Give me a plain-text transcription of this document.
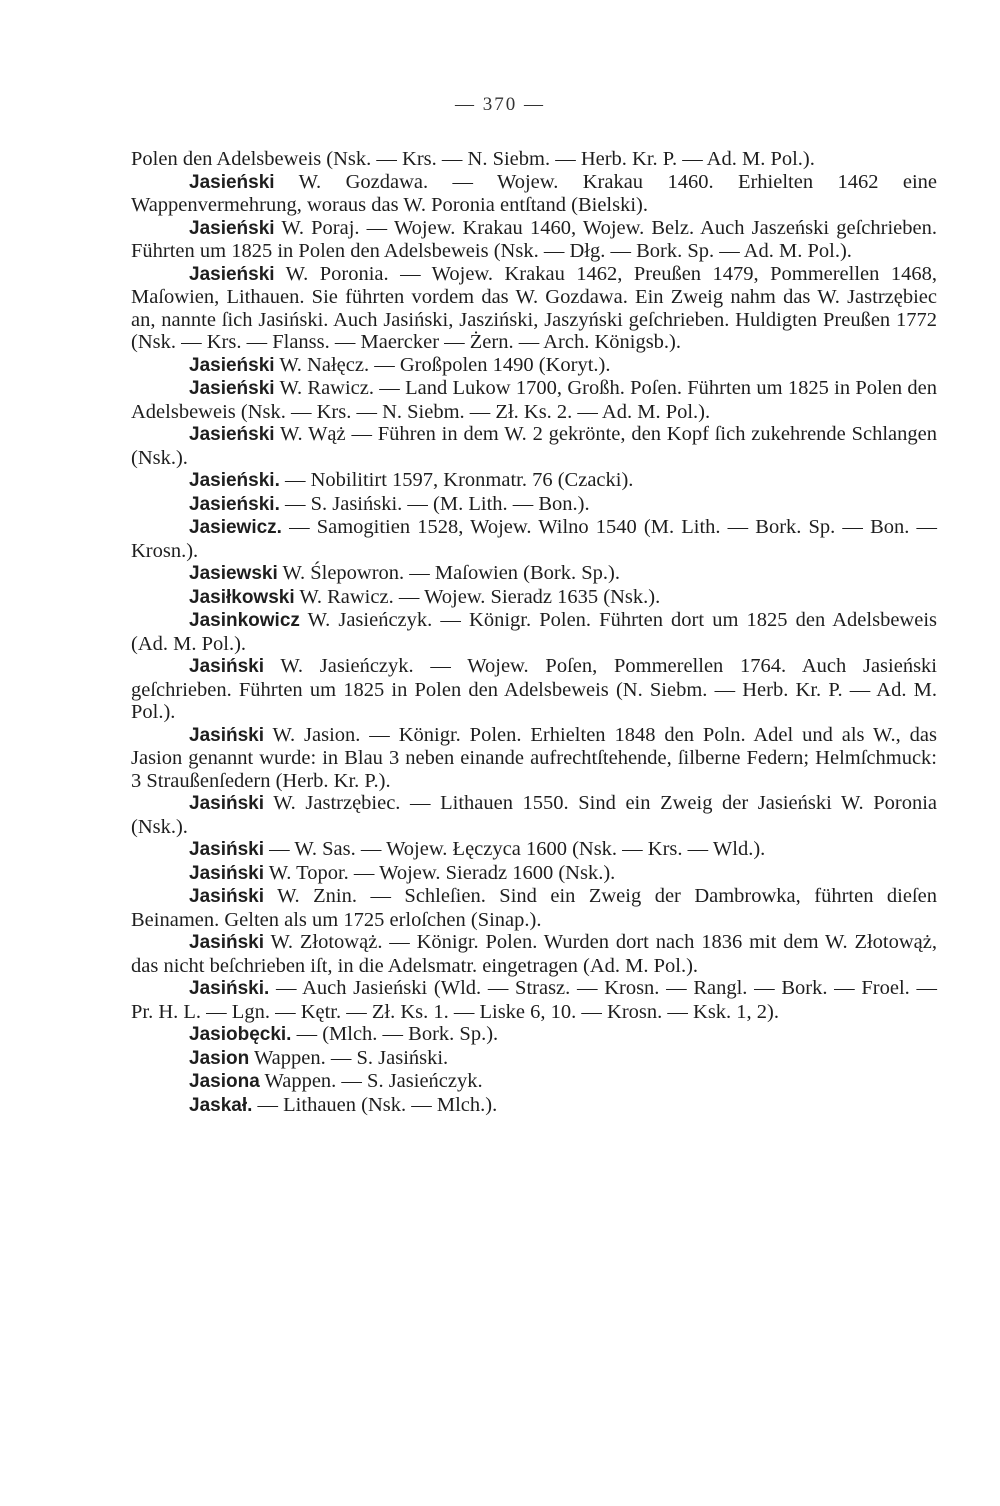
— 370 —

Polen den Adelsbeweis (Nsk. — Krs. — N. Siebm. — Herb. Kr. P. — Ad. M. Pol.).

Jasieński W. Gozdawa. — Wojew. Krakau 1460. Erhielten 1462 eine Wappenvermehrung, woraus das W. Poronia entſtand (Bielski).

Jasieński W. Poraj. — Wojew. Krakau 1460, Wojew. Belz. Auch Jaszeński geſchrieben. Führten um 1825 in Polen den Adelsbeweis (Nsk. — Dłg. — Bork. Sp. — Ad. M. Pol.).

Jasieński W. Poronia. — Wojew. Krakau 1462, Preußen 1479, Pommerellen 1468, Maſowien, Lithauen. Sie führten vordem das W. Gozdawa. Ein Zweig nahm das W. Jastrzębiec an, nannte ſich Jasiński. Auch Jasiński, Jasziński, Jaszyński geſchrieben. Huldigten Preußen 1772 (Nsk. — Krs. — Flanss. — Maercker — Żern. — Arch. Königsb.).

Jasieński W. Nałęcz. — Großpolen 1490 (Koryt.).

Jasieński W. Rawicz. — Land Lukow 1700, Großh. Poſen. Führten um 1825 in Polen den Adelsbeweis (Nsk. — Krs. — N. Siebm. — Zł. Ks. 2. — Ad. M. Pol.).

Jasieński W. Wąż — Führen in dem W. 2 gekrönte, den Kopf ſich zukehrende Schlangen (Nsk.).

Jasieński. — Nobilitirt 1597, Kronmatr. 76 (Czacki).

Jasieński. — S. Jasiński. — (M. Lith. — Bon.).

Jasiewicz. — Samogitien 1528, Wojew. Wilno 1540 (M. Lith. — Bork. Sp. — Bon. — Krosn.).

Jasiewski W. Ślepowron. — Maſowien (Bork. Sp.).

Jasiłkowski W. Rawicz. — Wojew. Sieradz 1635 (Nsk.).

Jasinkowicz W. Jasieńczyk. — Königr. Polen. Führten dort um 1825 den Adelsbeweis (Ad. M. Pol.).

Jasiński W. Jasieńczyk. — Wojew. Poſen, Pommerellen 1764. Auch Jasieński geſchrieben. Führten um 1825 in Polen den Adelsbeweis (N. Siebm. — Herb. Kr. P. — Ad. M. Pol.).

Jasiński W. Jasion. — Königr. Polen. Erhielten 1848 den Poln. Adel und als W., das Jasion genannt wurde: in Blau 3 neben einande aufrechtſtehende, ſilberne Federn; Helmſchmuck: 3 Straußenſedern (Herb. Kr. P.).

Jasiński W. Jastrzębiec. — Lithauen 1550. Sind ein Zweig der Jasieński W. Poronia (Nsk.).

Jasiński — W. Sas. — Wojew. Łęczyca 1600 (Nsk. — Krs. — Wld.).

Jasiński W. Topor. — Wojew. Sieradz 1600 (Nsk.).

Jasiński W. Znin. — Schleſien. Sind ein Zweig der Dambrowka, führten dieſen Beinamen. Gelten als um 1725 erloſchen (Sinap.).

Jasiński W. Złotowąż. — Königr. Polen. Wurden dort nach 1836 mit dem W. Złotowąż, das nicht beſchrieben iſt, in die Adelsmatr. eingetragen (Ad. M. Pol.).

Jasiński. — Auch Jasieński (Wld. — Strasz. — Krosn. — Rangl. — Bork. — Froel. — Pr. H. L. — Lgn. — Kętr. — Zł. Ks. 1. — Liske 6, 10. — Krosn. — Ksk. 1, 2).

Jasiobęcki. — (Mlch. — Bork. Sp.).

Jasion Wappen. — S. Jasiński.

Jasiona Wappen. — S. Jasieńczyk.

Jaskał. — Lithauen (Nsk. — Mlch.).
